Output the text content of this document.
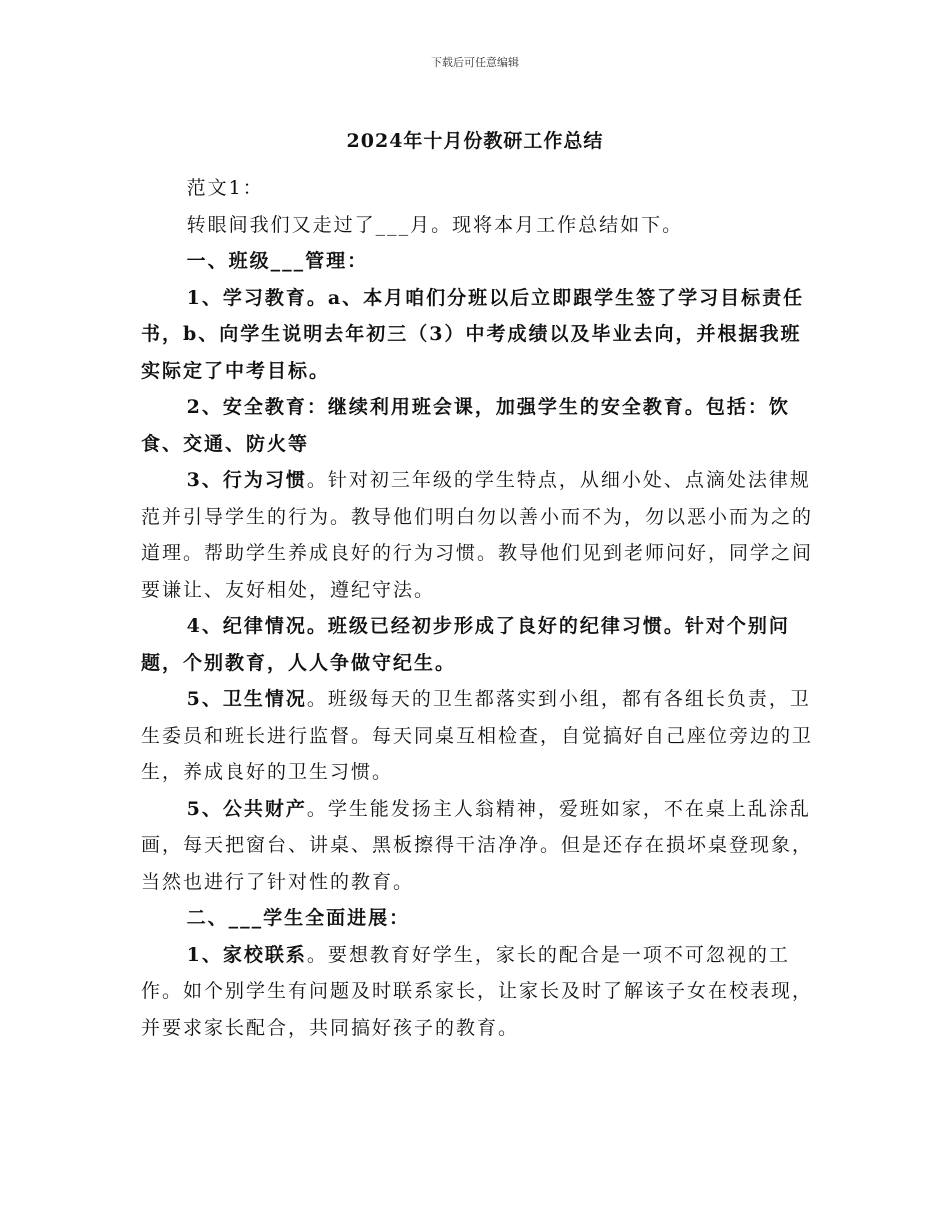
下载后可任意编辑
2024年十月份教研工作总结

范文1：

转眼间我们又走过了___月。现将本月工作总结如下。

一、班级___管理：

1、学习教育。a、本月咱们分班以后立即跟学生签了学习目标责任书，b、向学生说明去年初三（3）中考成绩以及毕业去向，并根据我班实际定了中考目标。

2、安全教育：继续利用班会课，加强学生的安全教育。包括：饮食、交通、防火等

3、行为习惯。针对初三年级的学生特点，从细小处、点滴处法律规范并引导学生的行为。教导他们明白勿以善小而不为，勿以恶小而为之的道理。帮助学生养成良好的行为习惯。教导他们见到老师问好，同学之间要谦让、友好相处，遵纪守法。

4、纪律情况。班级已经初步形成了良好的纪律习惯。针对个别问题，个别教育，人人争做守纪生。

5、卫生情况。班级每天的卫生都落实到小组，都有各组长负责，卫生委员和班长进行监督。每天同桌互相检查，自觉搞好自己座位旁边的卫生，养成良好的卫生习惯。

5、公共财产。学生能发扬主人翁精神，爱班如家，不在桌上乱涂乱画，每天把窗台、讲桌、黑板擦得干洁净净。但是还存在损坏桌登现象，当然也进行了针对性的教育。

二、___学生全面进展：

1、家校联系。要想教育好学生，家长的配合是一项不可忽视的工作。如个别学生有问题及时联系家长，让家长及时了解该子女在校表现，并要求家长配合，共同搞好孩子的教育。
